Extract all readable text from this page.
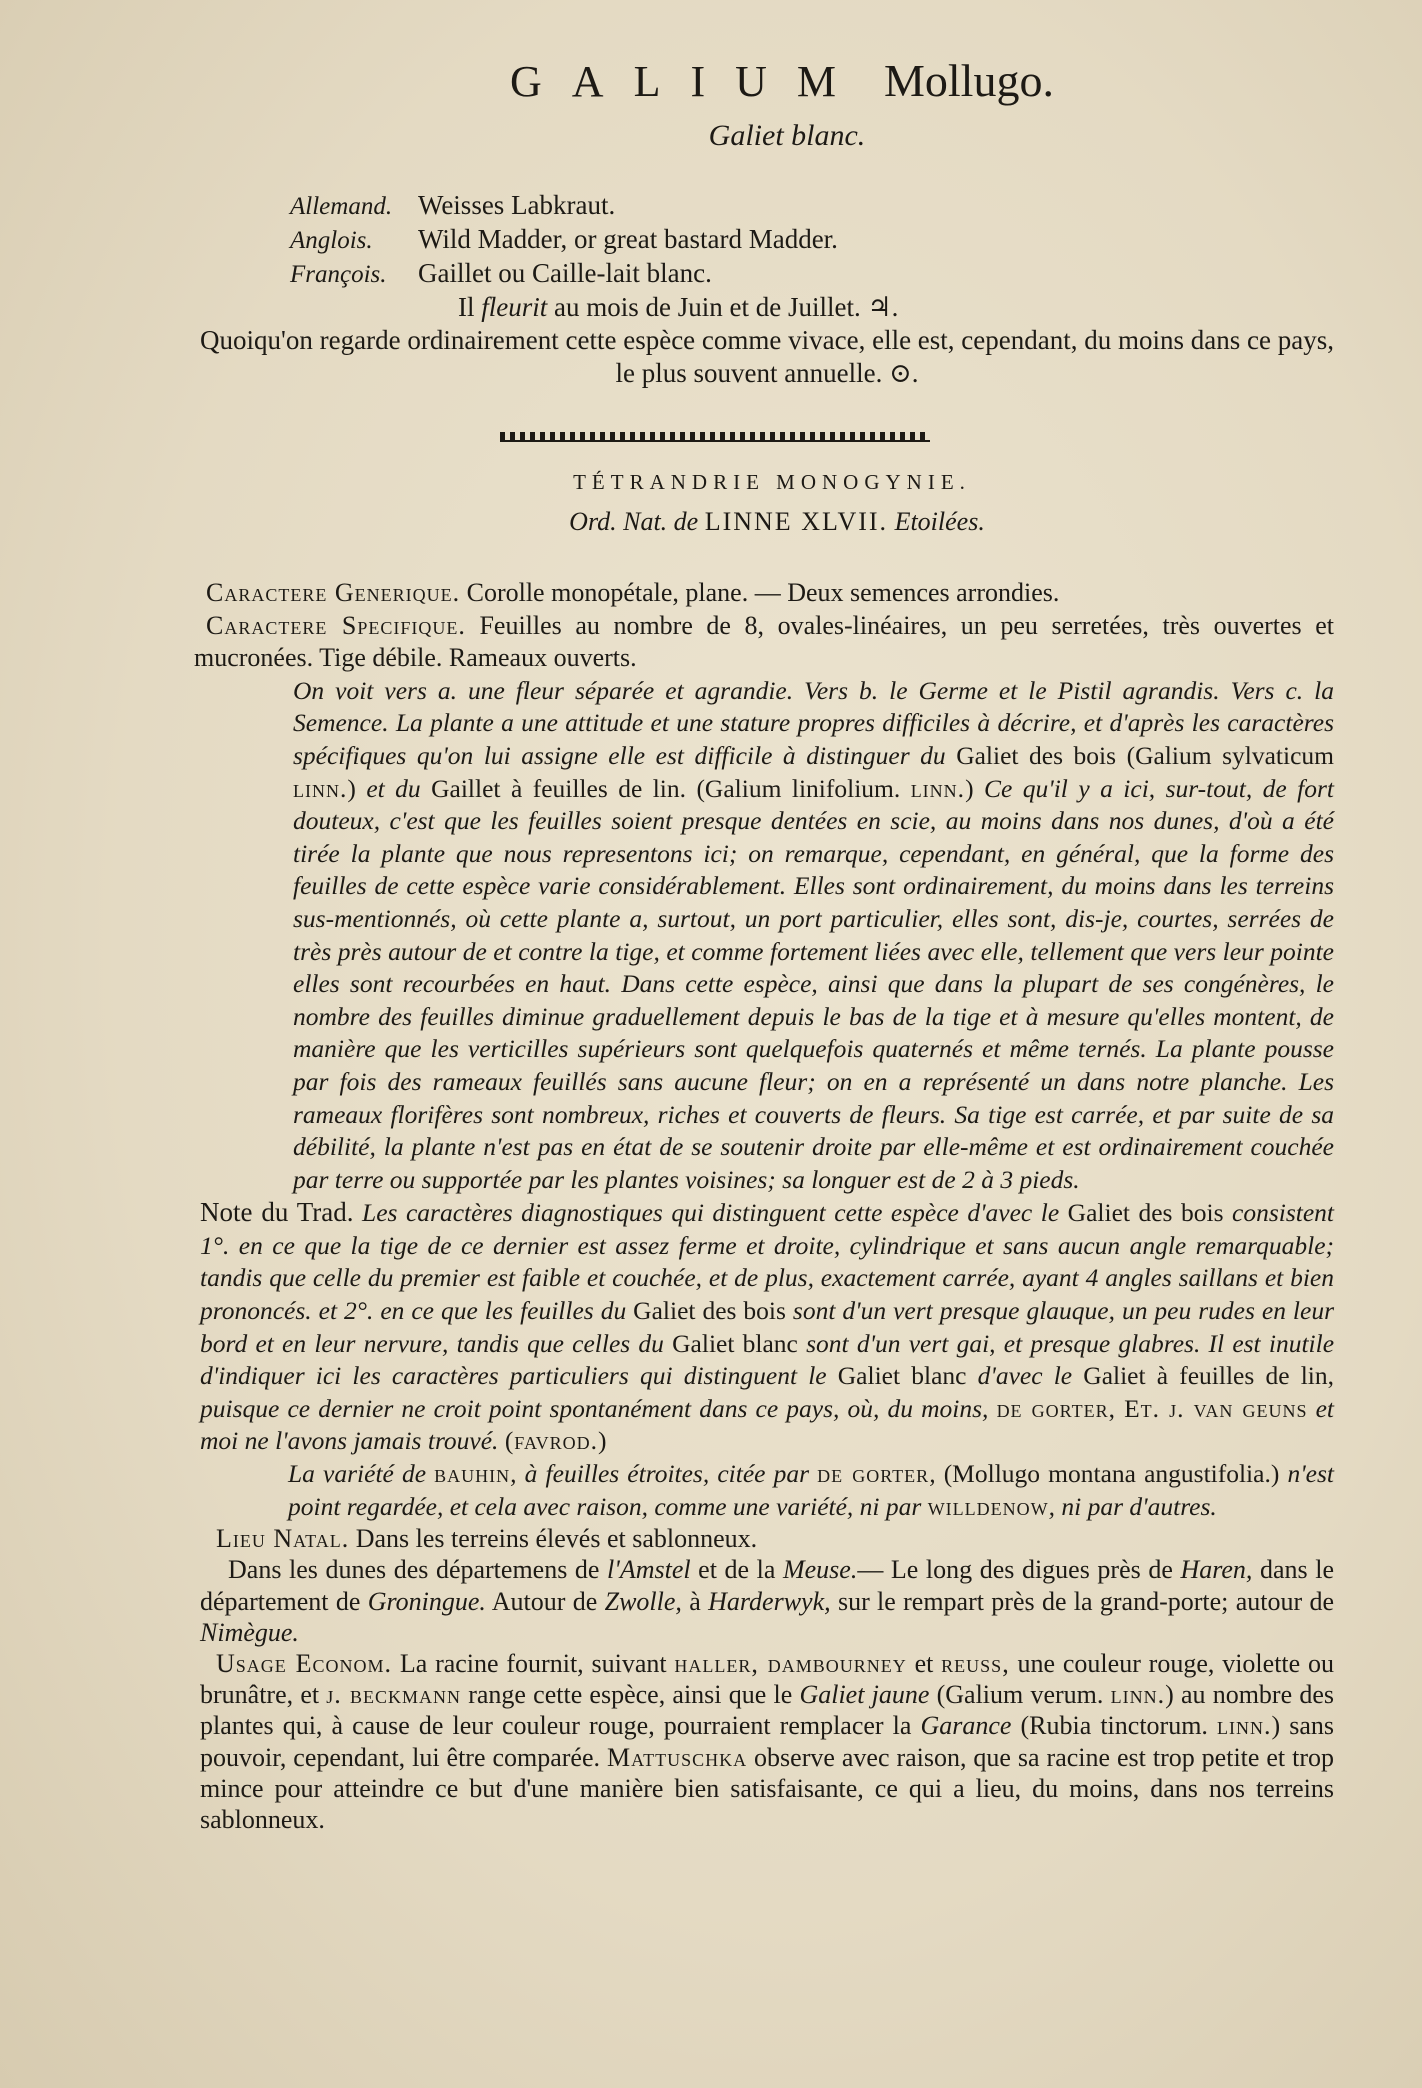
GALIUM Mollugo.
Galiet blanc.
Allemand. Weisses Labkraut.
Anglois. Wild Madder, or great bastard Madder.
François. Gaillet ou Caille-lait blanc.

Il fleurit au mois de Juin et de Juillet. ♃.

Quoiqu'on regarde ordinairement cette espèce comme vivace, elle est, cependant, du moins dans ce pays, le plus souvent annuelle. ⊙.

TÉTRANDRIE MONOGYNIE.
Ord. Nat. de LINNE XLVII. Etoilées.

Caractere Generique. Corolle monopétale, plane. — Deux semences arrondies.

Caractere Specifique. Feuilles au nombre de 8, ovales-linéaires, un peu serretées, très ouvertes et mucronées. Tige débile. Rameaux ouverts.

On voit vers a. une fleur séparée et agrandie. Vers b. le Germe et le Pistil agrandis. Vers c. la Semence. La plante a une attitude et une stature propres difficiles à décrire, et d'après les caractères spécifiques qu'on lui assigne elle est difficile à distinguer du Galiet des bois (Galium sylvaticum linn.) et du Gaillet à feuilles de lin. (Galium linifolium. linn.) Ce qu'il y a ici, sur-tout, de fort douteux, c'est que les feuilles soient presque dentées en scie, au moins dans nos dunes, d'où a été tirée la plante que nous representons ici; on remarque, cependant, en général, que la forme des feuilles de cette espèce varie considérablement. Elles sont ordinairement, du moins dans les terreins sus-mentionnés, où cette plante a, surtout, un port particulier, elles sont, dis-je, courtes, serrées de très près autour de et contre la tige, et comme fortement liées avec elle, tellement que vers leur pointe elles sont recourbées en haut. Dans cette espèce, ainsi que dans la plupart de ses congénères, le nombre des feuilles diminue graduellement depuis le bas de la tige et à mesure qu'elles montent, de manière que les verticilles supérieurs sont quelquefois quaternés et même ternés. La plante pousse par fois des rameaux feuillés sans aucune fleur; on en a représenté un dans notre planche. Les rameaux florifères sont nombreux, riches et couverts de fleurs. Sa tige est carrée, et par suite de sa débilité, la plante n'est pas en état de se soutenir droite par elle-même et est ordinairement couchée par terre ou supportée par les plantes voisines; sa longuer est de 2 à 3 pieds.

Note du Trad. Les caractères diagnostiques qui distinguent cette espèce d'avec le Galiet des bois consistent 1°. en ce que la tige de ce dernier est assez ferme et droite, cylindrique et sans aucun angle remarquable; tandis que celle du premier est faible et couchée, et de plus, exactement carrée, ayant 4 angles saillans et bien prononcés. et 2°. en ce que les feuilles du Galiet des bois sont d'un vert presque glauque, un peu rudes en leur bord et en leur nervure, tandis que celles du Galiet blanc sont d'un vert gai, et presque glabres. Il est inutile d'indiquer ici les caractères particuliers qui distinguent le Galiet blanc d'avec le Galiet à feuilles de lin, puisque ce dernier ne croit point spontanément dans ce pays, où, du moins, de gorter, Et. j. van geuns et moi ne l'avons jamais trouvé. (favrod.)

La variété de bauhin, à feuilles étroites, citée par de gorter, (Mollugo montana angustifolia.) n'est point regardée, et cela avec raison, comme une variété, ni par willdenow, ni par d'autres.

Lieu Natal. Dans les terreins élevés et sablonneux.

Dans les dunes des départemens de l'Amstel et de la Meuse.— Le long des digues près de Haren, dans le département de Groningue. Autour de Zwolle, à Harderwyk, sur le rempart près de la grand-porte; autour de Nimègue.

Usage Econom. La racine fournit, suivant haller, dambourney et reuss, une couleur rouge, violette ou brunâtre, et j. beckmann range cette espèce, ainsi que le Galiet jaune (Galium verum. linn.) au nombre des plantes qui, à cause de leur couleur rouge, pourraient remplacer la Garance (Rubia tinctorum. linn.) sans pouvoir, cependant, lui être comparée. Mattuschka observe avec raison, que sa racine est trop petite et trop mince pour atteindre ce but d'une manière bien satisfaisante, ce qui a lieu, du moins, dans nos terreins sablonneux.
